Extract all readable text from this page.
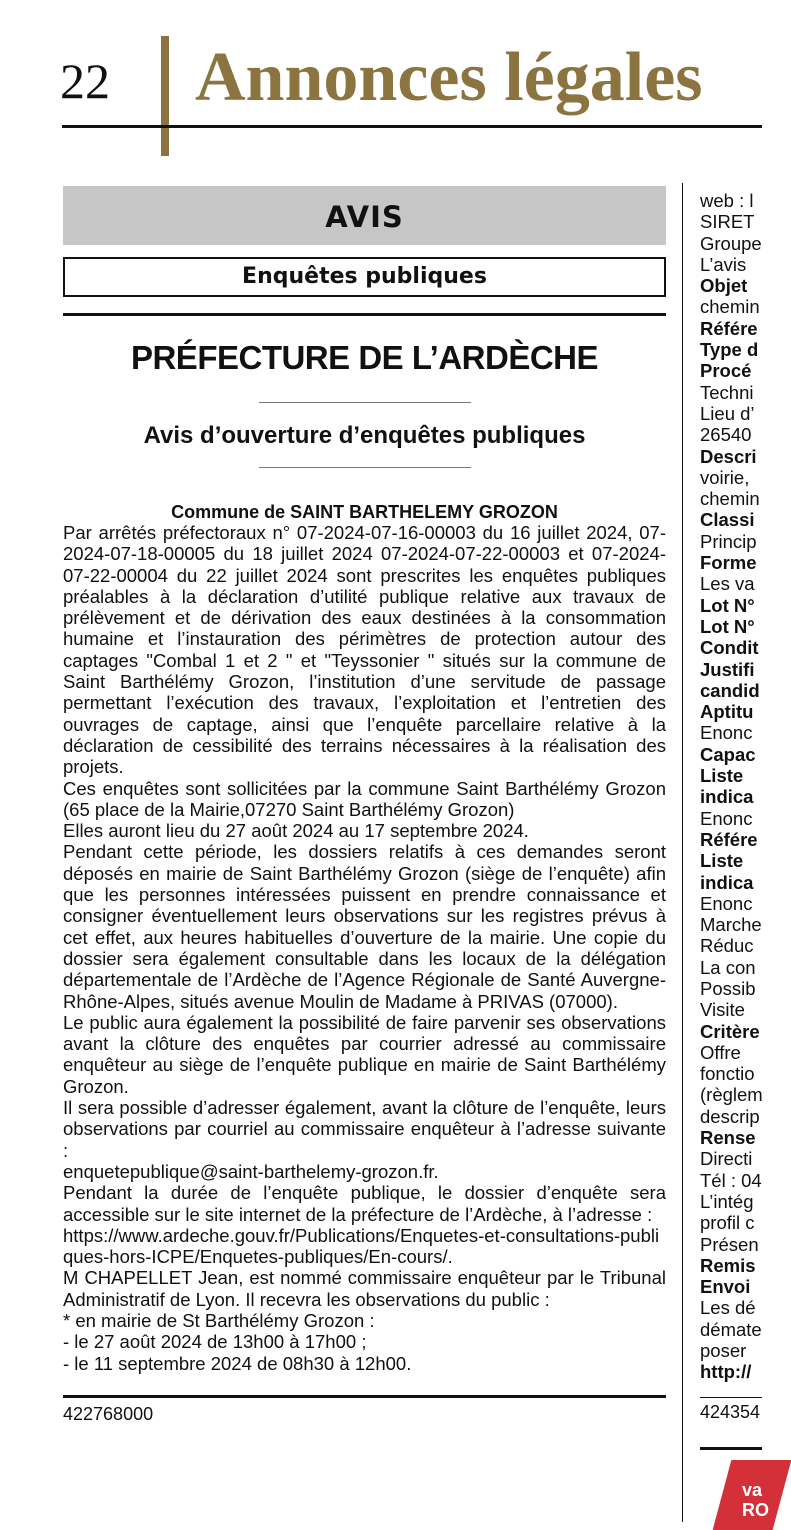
22 Annonces légales
AVIS
Enquêtes publiques
PRÉFECTURE DE L’ARDÈCHE
Avis d’ouverture d’enquêtes publiques
Commune de SAINT BARTHELEMY GROZON

Par arrêtés préfectoraux n° 07-2024-07-16-00003 du 16 juillet 2024, 07-2024-07-18-00005 du 18 juillet 2024 07-2024-07-22-00003 et 07-2024-07-22-00004 du 22 juillet 2024 sont prescrites les enquêtes publiques préalables à la déclaration d’utilité publique relative aux travaux de prélèvement et de dérivation des eaux destinées à la consommation humaine et l’instauration des périmètres de protection autour des captages "Combal 1 et 2 " et "Teyssonier " situés sur la commune de Saint Barthélémy Grozon, l’institution d’une servitude de passage permettant l’exécution des travaux, l’exploitation et l’entretien des ouvrages de captage, ainsi que l’enquête parcellaire relative à la déclaration de cessibilité des terrains nécessaires à la réalisation des projets.

Ces enquêtes sont sollicitées par la commune Saint Barthélémy Grozon (65 place de la Mairie,07270 Saint Barthélémy Grozon)

Elles auront lieu du 27 août 2024 au 17 septembre 2024.

Pendant cette période, les dossiers relatifs à ces demandes seront déposés en mairie de Saint Barthélémy Grozon (siège de l’enquête) afin que les personnes intéressées puissent en prendre connaissance et consigner éventuellement leurs observations sur les registres prévus à cet effet, aux heures habituelles d’ouverture de la mairie. Une copie du dossier sera également consultable dans les locaux de la délégation départementale de l’Ardèche de l’Agence Régionale de Santé Auvergne-Rhône-Alpes, situés avenue Moulin de Madame à PRIVAS (07000).

Le public aura également la possibilité de faire parvenir ses observations avant la clôture des enquêtes par courrier adressé au commissaire enquêteur au siège de l’enquête publique en mairie de Saint Barthélémy Grozon.

Il sera possible d’adresser également, avant la clôture de l’enquête, leurs observations par courriel au commissaire enquêteur à l’adresse suivante :

enquetepublique@saint-barthelemy-grozon.fr.

Pendant la durée de l’enquête publique, le dossier d’enquête sera accessible sur le site internet de la préfecture de l’Ardèche, à l’adresse :

https://www.ardeche.gouv.fr/Publications/Enquetes-et-consultations-publiques-hors-ICPE/Enquetes-publiques/En-cours/.

M CHAPELLET Jean, est nommé commissaire enquêteur par le Tribunal Administratif de Lyon. Il recevra les observations du public :

* en mairie de St Barthélémy Grozon :

- le 27 août 2024 de 13h00 à 17h00 ;

- le 11 septembre 2024 de 08h30 à 12h00.

422768000
web : l
SIRET
Groupe
L’avis
Objet
chemin
Référe
Type d
Procé
Techni
Lieu d’
26540
Descri
voirie,
chemin
Classi
Princip
Forme
Les va
Lot N°
Lot N°
Condit
Justifi
candid
Aptitu
Enonc
Capac
Liste
indica
Enonc
Référe
Liste
indica
Enonc
Marche
Réduc
La con
Possib
Visite
Critère
Offre
fonctio
(règlem
descrip
Rense
Directi
Tél : 04
L’intég
profil c
Présen
Remis
Envoi
Les dé
démate
poser
http://
424354
va
RO
